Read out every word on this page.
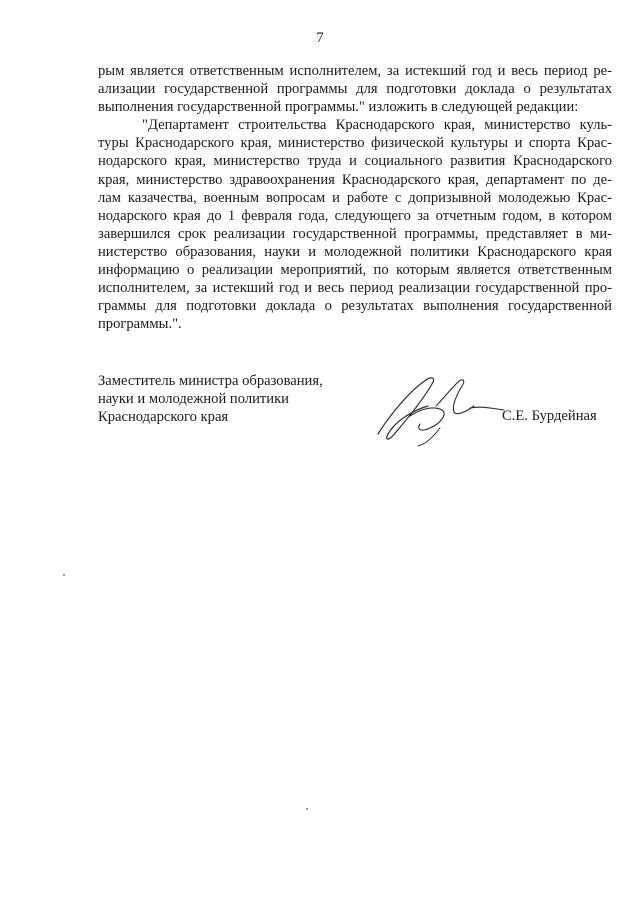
7
рым является ответственным исполнителем, за истекший год и весь период ре-
ализации государственной программы для подготовки доклада о результатах
выполнения государственной программы." изложить в следующей редакции:
"Департамент строительства Краснодарского края, министерство куль-
туры Краснодарского края, министерство физической культуры и спорта Крас-
нодарского края, министерство труда и социального развития Краснодарского
края, министерство здравоохранения Краснодарского края, департамент по де-
лам казачества, военным вопросам и работе с допризывной молодежью Крас-
нодарского края до 1 февраля года, следующего за отчетным годом, в котором
завершился срок реализации государственной программы, представляет в ми-
нистерство образования, науки и молодежной политики Краснодарского края
информацию о реализации мероприятий, по которым является ответственным
исполнителем, за истекший год и весь период реализации государственной про-
граммы для подготовки доклада о результатах выполнения государственной
программы.".
Заместитель министра образования,
науки и молодежной политики
Краснодарского края	С.Е. Бурдейная
